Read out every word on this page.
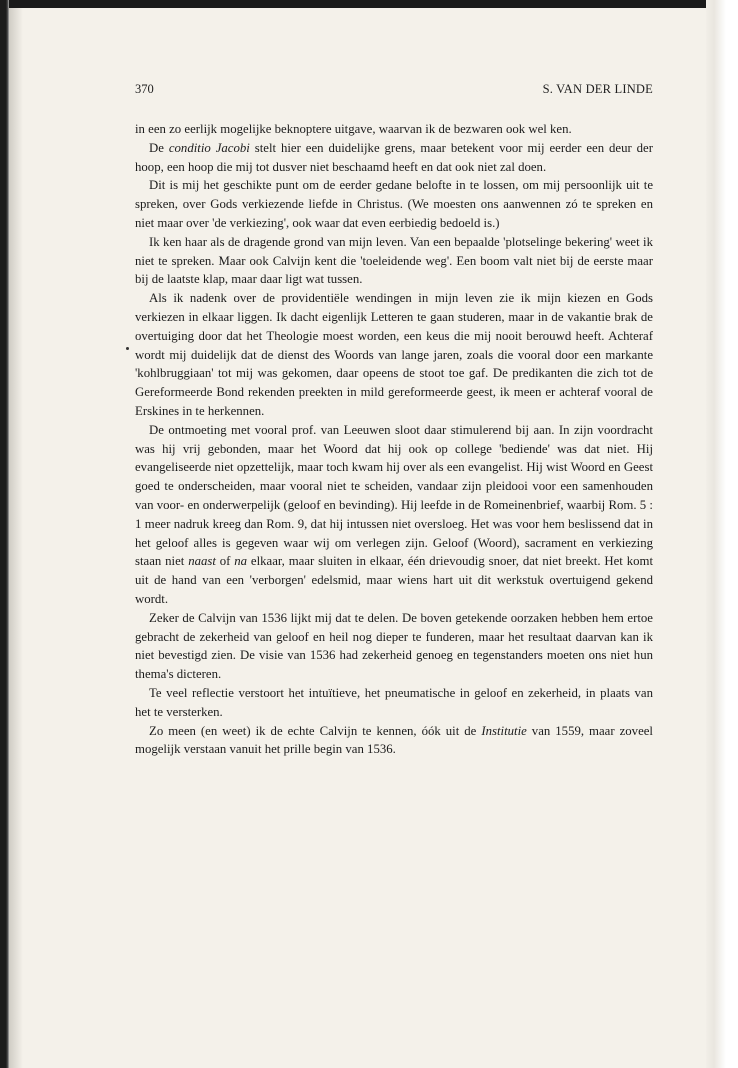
370	S. VAN DER LINDE

in een zo eerlijk mogelijke beknoptere uitgave, waarvan ik de bezwaren ook wel ken.

De conditio Jacobi stelt hier een duidelijke grens, maar betekent voor mij eerder een deur der hoop, een hoop die mij tot dusver niet beschaamd heeft en dat ook niet zal doen.

Dit is mij het geschikte punt om de eerder gedane belofte in te lossen, om mij persoonlijk uit te spreken, over Gods verkiezende liefde in Christus. (We moesten ons aanwennen zó te spreken en niet maar over 'de verkiezing', ook waar dat even eerbiedig bedoeld is.)

Ik ken haar als de dragende grond van mijn leven. Van een bepaalde 'plotselinge bekering' weet ik niet te spreken. Maar ook Calvijn kent die 'toeleidende weg'. Een boom valt niet bij de eerste maar bij de laatste klap, maar daar ligt wat tussen.

Als ik nadenk over de providentiële wendingen in mijn leven zie ik mijn kiezen en Gods verkiezen in elkaar liggen. Ik dacht eigenlijk Letteren te gaan studeren, maar in de vakantie brak de overtuiging door dat het Theologie moest worden, een keus die mij nooit berouwd heeft. Achteraf wordt mij duidelijk dat de dienst des Woords van lange jaren, zoals die vooral door een markante 'kohlbruggiaan' tot mij was gekomen, daar opeens de stoot toe gaf. De predikanten die zich tot de Gereformeerde Bond rekenden preekten in mild gereformeerde geest, ik meen er achteraf vooral de Erskines in te herkennen.

De ontmoeting met vooral prof. van Leeuwen sloot daar stimulerend bij aan. In zijn voordracht was hij vrij gebonden, maar het Woord dat hij ook op college 'bediende' was dat niet. Hij evangeliseerde niet opzettelijk, maar toch kwam hij over als een evangelist. Hij wist Woord en Geest goed te onderscheiden, maar vooral niet te scheiden, vandaar zijn pleidooi voor een samenhouden van voor- en onderwerpelijk (geloof en bevinding). Hij leefde in de Romeinenbrief, waarbij Rom. 5 : 1 meer nadruk kreeg dan Rom. 9, dat hij intussen niet oversloeg. Het was voor hem beslissend dat in het geloof alles is gegeven waar wij om verlegen zijn. Geloof (Woord), sacrament en verkiezing staan niet naast of na elkaar, maar sluiten in elkaar, één drievoudig snoer, dat niet breekt. Het komt uit de hand van een 'verborgen' edelsmid, maar wiens hart uit dit werkstuk overtuigend gekend wordt.

Zeker de Calvijn van 1536 lijkt mij dat te delen. De boven getekende oorzaken hebben hem ertoe gebracht de zekerheid van geloof en heil nog dieper te funderen, maar het resultaat daarvan kan ik niet bevestigd zien. De visie van 1536 had zekerheid genoeg en tegenstanders moeten ons niet hun thema's dicteren.

Te veel reflectie verstoort het intuïtieve, het pneumatische in geloof en zekerheid, in plaats van het te versterken.

Zo meen (en weet) ik de echte Calvijn te kennen, óók uit de Institutie van 1559, maar zoveel mogelijk verstaan vanuit het prille begin van 1536.
